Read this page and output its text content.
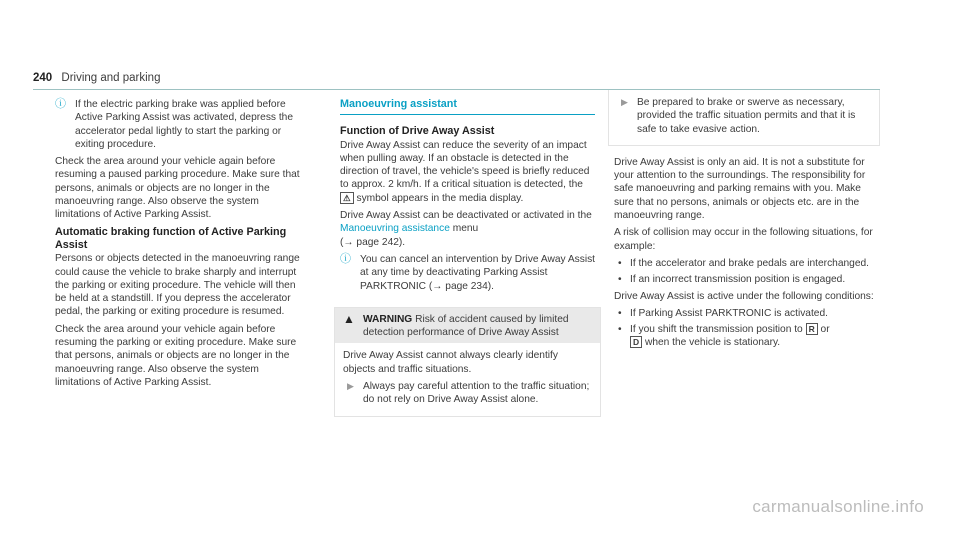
240 Driving and parking
ⓘ If the electric parking brake was applied before Active Parking Assist was activated, depress the accelerator pedal lightly to start the parking or exiting procedure.

Check the area around your vehicle again before resuming a paused parking procedure. Make sure that persons, animals or objects are no longer in the manoeuvring range. Also observe the system limitations of Active Parking Assist.

Automatic braking function of Active Parking Assist

Persons or objects detected in the manoeuvring range could cause the vehicle to brake sharply and interrupt the parking or exiting procedure. The vehicle will then be held at a standstill. If you depress the accelerator pedal, the parking or exiting procedure is resumed.

Check the area around your vehicle again before resuming the parking or exiting procedure. Make sure that persons, animals or objects are no longer in the manoeuvring range. Also observe the system limitations of Active Parking Assist.

Manoeuvring assistant

Function of Drive Away Assist

Drive Away Assist can reduce the severity of an impact when pulling away. If an obstacle is detected in the direction of travel, the vehicle's speed is briefly reduced to approx. 2 km/h. If a critical situation is detected, the ⚠ symbol appears in the media display.

Drive Away Assist can be deactivated or activated in the Manoeuvring assistance menu
(→ page 242).

ⓘ You can cancel an intervention by Drive Away Assist at any time by deactivating Parking Assist PARKTRONIC (→ page 234).
▲ WARNING Risk of accident caused by limited detection performance of Drive Away Assist

Drive Away Assist cannot always clearly identify objects and traffic situations.

▶ Always pay careful attention to the traffic situation; do not rely on Drive Away Assist alone.
▶ Be prepared to brake or swerve as necessary, provided the traffic situation permits and that it is safe to take evasive action.

Drive Away Assist is only an aid. It is not a substitute for your attention to the surroundings. The responsibility for safe manoeuvring and parking remains with you. Make sure that no persons, animals or objects etc. are in the manoeuvring range.

A risk of collision may occur in the following situations, for example:

• If the accelerator and brake pedals are interchanged.
• If an incorrect transmission position is engaged.

Drive Away Assist is active under the following conditions:

• If Parking Assist PARKTRONIC is activated.
• If you shift the transmission position to R or
D when the vehicle is stationary.
carmanualsonline.info
